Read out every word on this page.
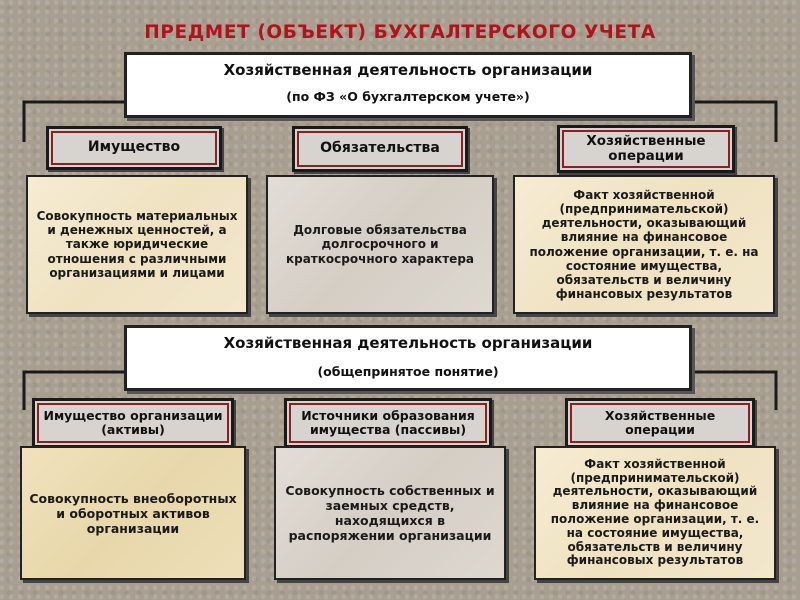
ПРЕДМЕТ (ОБЪЕКТ) БУХГАЛТЕРСКОГО УЧЕТА
Хозяйственная деятельность организации
(по ФЗ «О бухгалтерском учете»)
Имущество	Обязательства	Хозяйственные операции
Совокупность материальных и денежных ценностей, а также юридические отношения с различными организациями и лицами
Долговые обязательства долгосрочного и краткосрочного характера
Факт хозяйственной (предпринимательской) деятельности, оказывающий влияние на финансовое положение организации, т. е. на состояние имущества, обязательств и величину финансовых результатов
Хозяйственная деятельность организации
(общепринятое понятие)
Имущество организации (активы)
Источники образования имущества (пассивы)
Хозяйственные операции
Совокупность внеоборотных и оборотных активов организации
Совокупность собственных и заемных средств, находящихся в распоряжении организации
Факт хозяйственной (предпринимательской) деятельности, оказывающий влияние на финансовое положение организации, т. е. на состояние имущества, обязательств и величину финансовых результатов
